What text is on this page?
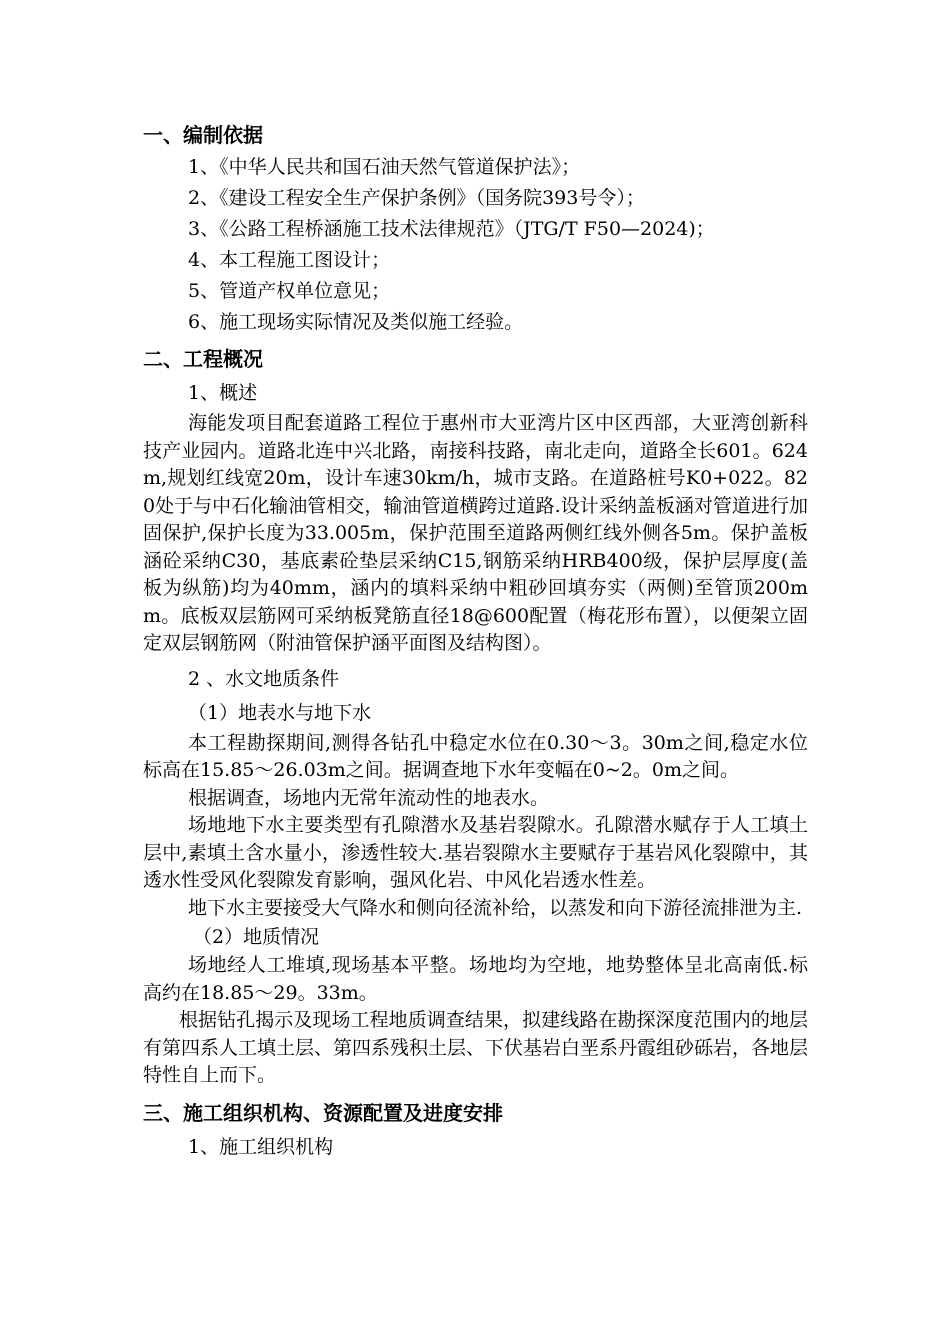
一、编制依据

1、《中华人民共和国石油天然气管道保护法》；

2、《建设工程安全生产保护条例》（国务院393号令）；

3、《公路工程桥涵施工技术法律规范》（JTG/T F50—2024)；

4、本工程施工图设计；

5、管道产权单位意见；

6、施工现场实际情况及类似施工经验。

二、工程概况

1、概述

海能发项目配套道路工程位于惠州市大亚湾片区中区西部，大亚湾创新科技产业园内。道路北连中兴北路，南接科技路，南北走向，道路全长601。624m,规划红线宽20m，设计车速30km/h，城市支路。在道路桩号K0+022。820处于与中石化输油管相交，输油管道横跨过道路.设计采纳盖板涵对管道进行加固保护,保护长度为33.005m，保护范围至道路两侧红线外侧各5m。保护盖板涵砼采纳C30，基底素砼垫层采纳C15,钢筋采纳HRB400级，保护层厚度(盖板为纵筋)均为40mm，涵内的填料采纳中粗砂回填夯实（两侧)至管顶200mm。底板双层筋网可采纳板凳筋直径18@600配置（梅花形布置），以便架立固定双层钢筋网（附油管保护涵平面图及结构图）。

2 、水文地质条件

（1）地表水与地下水

本工程勘探期间,测得各钻孔中稳定水位在0.30～3。30m之间,稳定水位标高在15.85～26.03m之间。据调查地下水年变幅在0~2。0m之间。

根据调查，场地内无常年流动性的地表水。

场地地下水主要类型有孔隙潜水及基岩裂隙水。孔隙潜水赋存于人工填土层中,素填土含水量小，渗透性较大.基岩裂隙水主要赋存于基岩风化裂隙中，其透水性受风化裂隙发育影响，强风化岩、中风化岩透水性差。

地下水主要接受大气降水和侧向径流补给，以蒸发和向下游径流排泄为主.

（2）地质情况

场地经人工堆填,现场基本平整。场地均为空地，地势整体呈北高南低.标高约在18.85～29。33m。

根据钻孔揭示及现场工程地质调查结果，拟建线路在勘探深度范围内的地层有第四系人工填土层、第四系残积土层、下伏基岩白垩系丹霞组砂砾岩，各地层特性自上而下。

三、施工组织机构、资源配置及进度安排

1、施工组织机构
